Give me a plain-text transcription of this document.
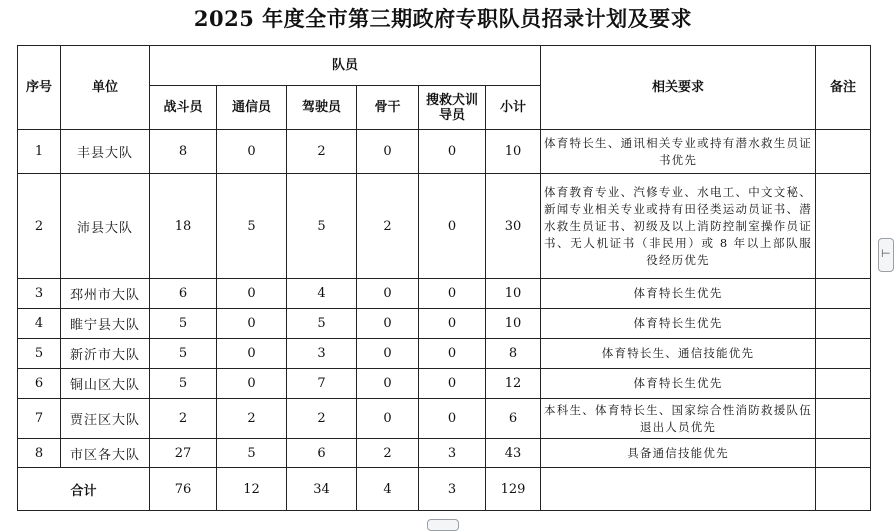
2025 年度全市第三期政府专职队员招录计划及要求
序号	单位	队员						相关要求	备注
		战斗员	通信员	驾驶员	骨干	搜救犬训导员	小计		
1	丰县大队	8	0	2	0	0	10	体育特长生、通讯相关专业或持有潜水救生员证书优先	
2	沛县大队	18	5	5	2	0	30	体育教育专业、汽修专业、水电工、中文文秘、新闻专业相关专业或持有田径类运动员证书、潜水救生员证书、初级及以上消防控制室操作员证书、无人机证书（非民用）或 8 年以上部队服役经历优先	
3	邳州市大队	6	0	4	0	0	10	体育特长生优先	
4	睢宁县大队	5	0	5	0	0	10	体育特长生优先	
5	新沂市大队	5	0	3	0	0	8	体育特长生、通信技能优先	
6	铜山区大队	5	0	7	0	0	12	体育特长生优先	
7	贾汪区大队	2	2	2	0	0	6	本科生、体育特长生、国家综合性消防救援队伍退出人员优先	
8	市区各大队	27	5	6	2	3	43	具备通信技能优先	
合计		76	12	34	4	3	129		
⊢
